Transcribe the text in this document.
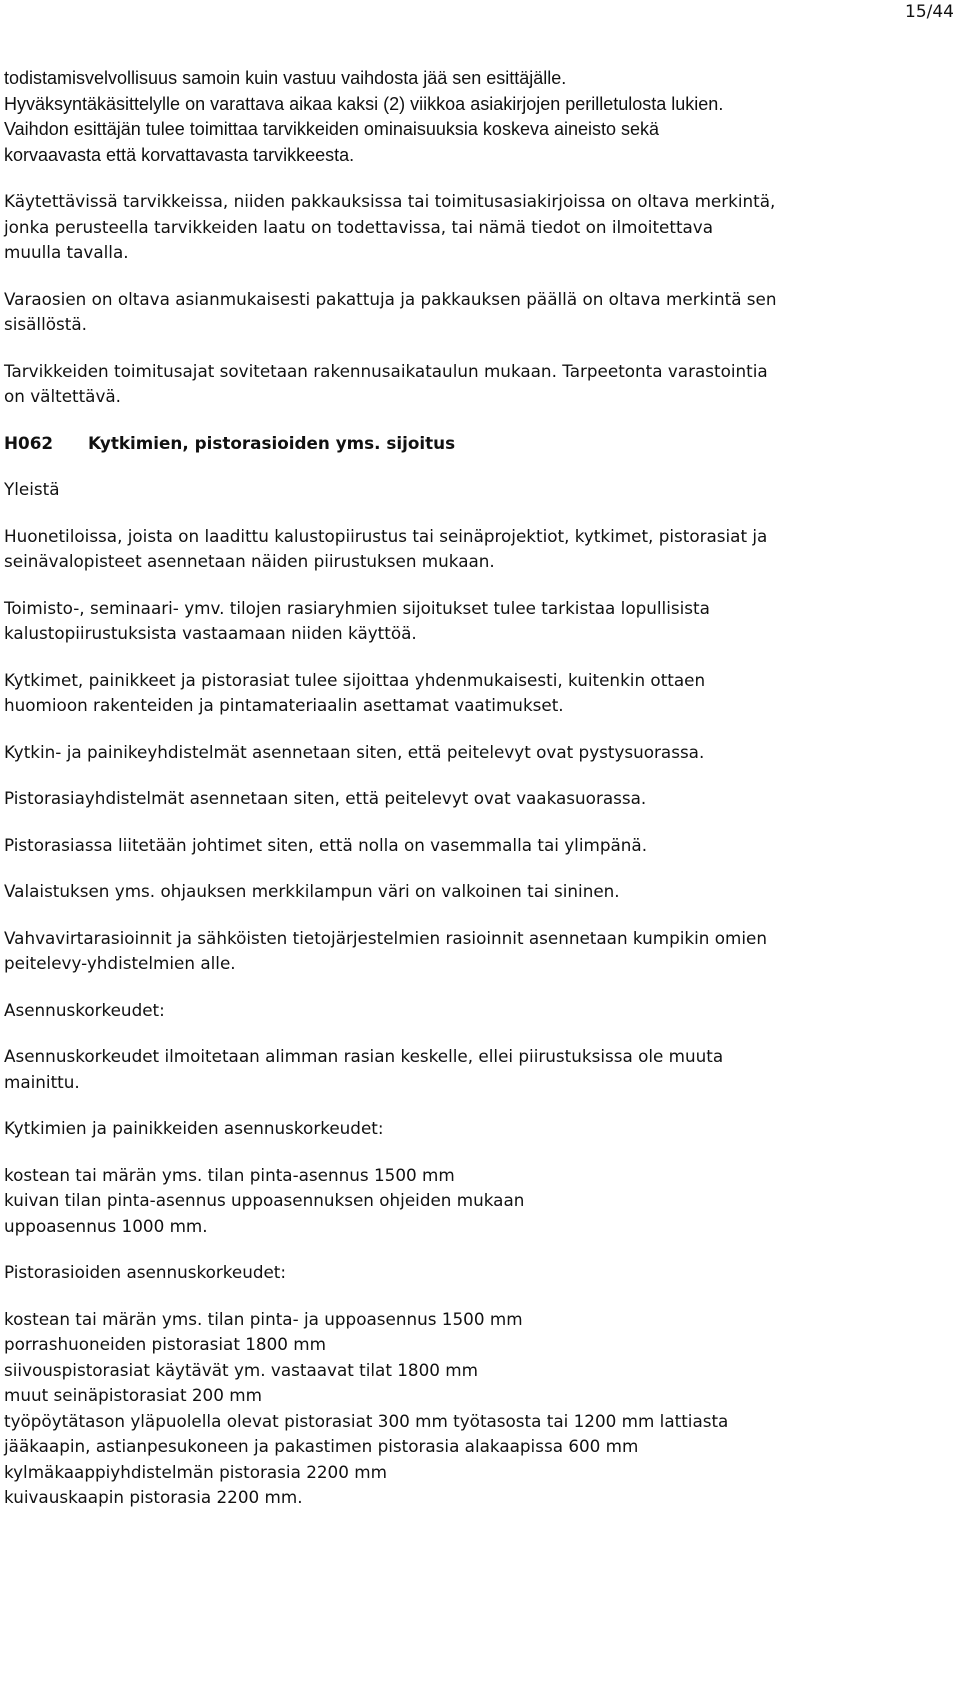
15/44
todistamisvelvollisuus samoin kuin vastuu vaihdosta jää sen esittäjälle.
Hyväksyntäkäsittelylle on varattava aikaa kaksi (2) viikkoa asiakirjojen perilletulosta lukien.
Vaihdon esittäjän tulee toimittaa tarvikkeiden ominaisuuksia koskeva aineisto sekä
korvaavasta että korvattavasta tarvikkeesta.

Käytettävissä tarvikkeissa, niiden pakkauksissa tai toimitusasiakirjoissa on oltava merkintä,
jonka perusteella tarvikkeiden laatu on todettavissa, tai nämä tiedot on ilmoitettava
muulla tavalla.

Varaosien on oltava asianmukaisesti pakattuja ja pakkauksen päällä on oltava merkintä sen
sisällöstä.

Tarvikkeiden toimitusajat sovitetaan rakennusaikataulun mukaan. Tarpeetonta varastointia
on vältettävä.

H062 Kytkimien, pistorasioiden yms. sijoitus

Yleistä

Huonetiloissa, joista on laadittu kalustopiirustus tai seinäprojektiot, kytkimet, pistorasiat ja
seinävalopisteet asennetaan näiden piirustuksen mukaan.

Toimisto-, seminaari- ymv. tilojen rasiaryhmien sijoitukset tulee tarkistaa lopullisista
kalustopiirustuksista vastaamaan niiden käyttöä.

Kytkimet, painikkeet ja pistorasiat tulee sijoittaa yhdenmukaisesti, kuitenkin ottaen
huomioon rakenteiden ja pintamateriaalin asettamat vaatimukset.

Kytkin- ja painikeyhdistelmät asennetaan siten, että peitelevyt ovat pystysuorassa.

Pistorasiayhdistelmät asennetaan siten, että peitelevyt ovat vaakasuorassa.

Pistorasiassa liitetään johtimet siten, että nolla on vasemmalla tai ylimpänä.

Valaistuksen yms. ohjauksen merkkilampun väri on valkoinen tai sininen.

Vahvavirtarasioinnit ja sähköisten tietojärjestelmien rasioinnit asennetaan kumpikin omien
peitelevy-yhdistelmien alle.

Asennuskorkeudet:

Asennuskorkeudet ilmoitetaan alimman rasian keskelle, ellei piirustuksissa ole muuta
mainittu.

Kytkimien ja painikkeiden asennuskorkeudet:

kostean tai märän yms. tilan pinta-asennus 1500 mm
kuivan tilan pinta-asennus uppoasennuksen ohjeiden mukaan
uppoasennus 1000 mm.

Pistorasioiden asennuskorkeudet:

kostean tai märän yms. tilan pinta- ja uppoasennus 1500 mm
porrashuoneiden pistorasiat 1800 mm
siivouspistorasiat käytävät ym. vastaavat tilat 1800 mm
muut seinäpistorasiat 200 mm
työpöytätason yläpuolella olevat pistorasiat 300 mm työtasosta tai 1200 mm lattiasta
jääkaapin, astianpesukoneen ja pakastimen pistorasia alakaapissa 600 mm
kylmäkaappiyhdistelmän pistorasia 2200 mm
kuivauskaapin pistorasia 2200 mm.
